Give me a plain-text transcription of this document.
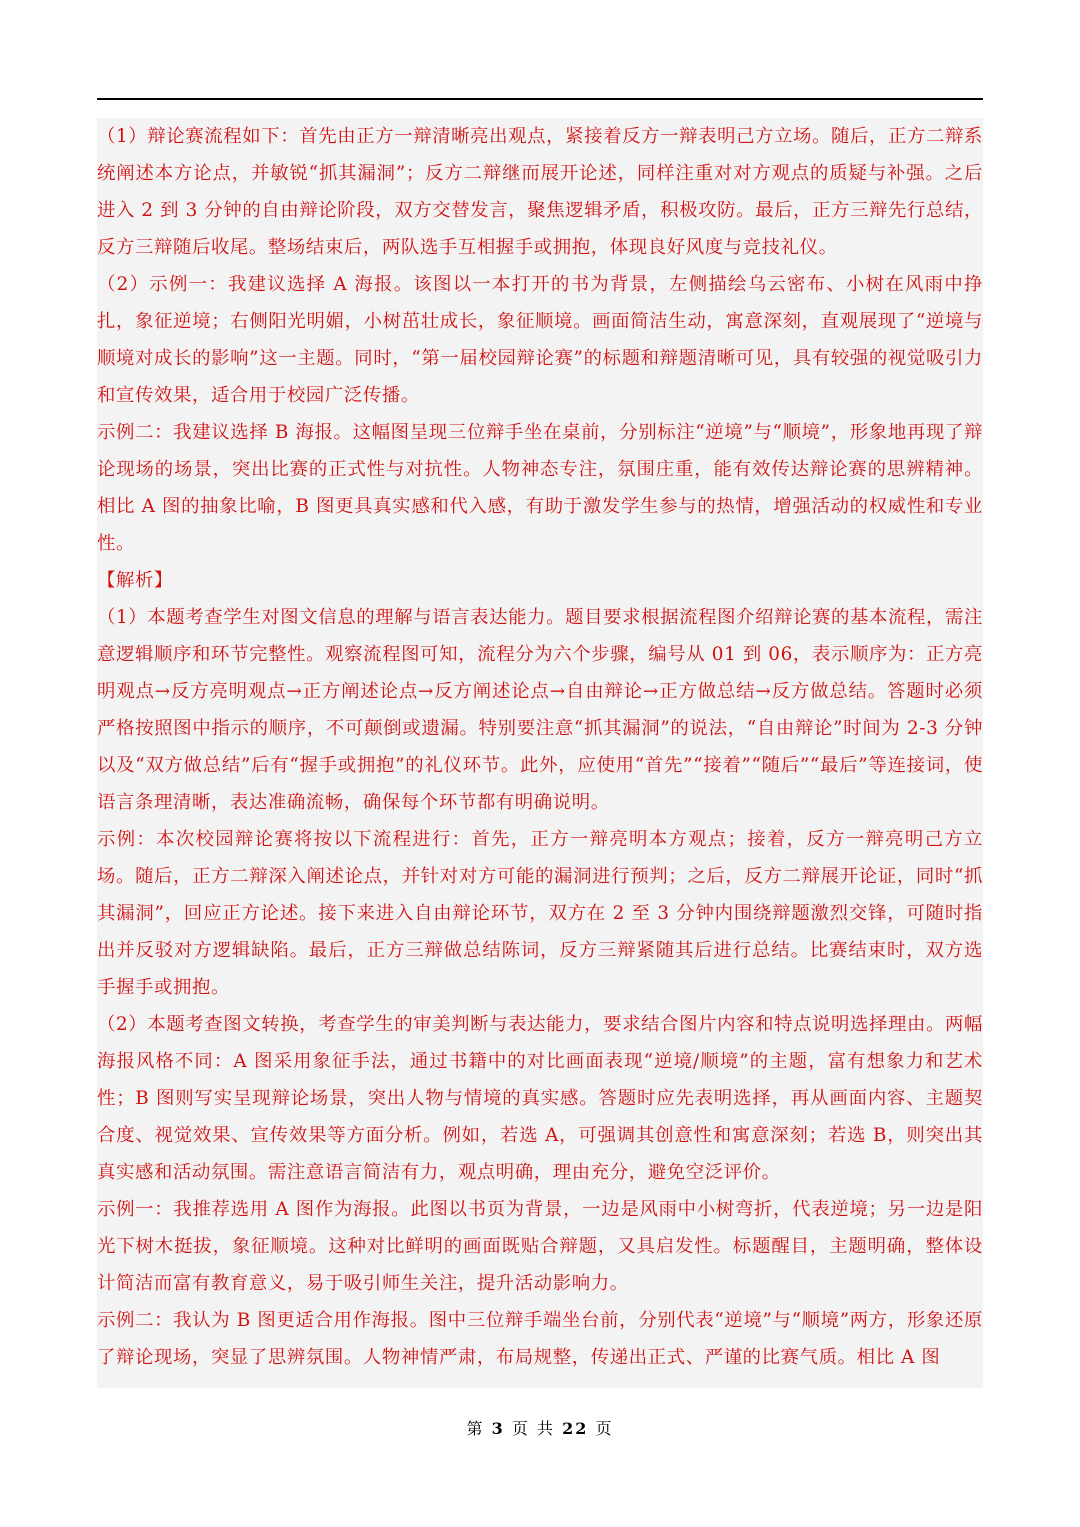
（1）辩论赛流程如下：首先由正方一辩清晰亮出观点，紧接着反方一辩表明己方立场。随后，正方二辩系统阐述本方论点，并敏锐“抓其漏洞”；反方二辩继而展开论述，同样注重对对方观点的质疑与补强。之后进入 2 到 3 分钟的自由辩论阶段，双方交替发言，聚焦逻辑矛盾，积极攻防。最后，正方三辩先行总结，反方三辩随后收尾。整场结束后，两队选手互相握手或拥抱，体现良好风度与竞技礼仪。

（2）示例一：我建议选择 A 海报。该图以一本打开的书为背景，左侧描绘乌云密布、小树在风雨中挣扎，象征逆境；右侧阳光明媚，小树茁壮成长，象征顺境。画面简洁生动，寓意深刻，直观展现了“逆境与顺境对成长的影响”这一主题。同时，“第一届校园辩论赛”的标题和辩题清晰可见，具有较强的视觉吸引力和宣传效果，适合用于校园广泛传播。

示例二：我建议选择 B 海报。这幅图呈现三位辩手坐在桌前，分别标注“逆境”与“顺境”，形象地再现了辩论现场的场景，突出比赛的正式性与对抗性。人物神态专注，氛围庄重，能有效传达辩论赛的思辨精神。相比 A 图的抽象比喻，B 图更具真实感和代入感，有助于激发学生参与的热情，增强活动的权威性和专业性。

【解析】

（1）本题考查学生对图文信息的理解与语言表达能力。题目要求根据流程图介绍辩论赛的基本流程，需注意逻辑顺序和环节完整性。观察流程图可知，流程分为六个步骤，编号从 01 到 06，表示顺序为：正方亮明观点→反方亮明观点→正方阐述论点→反方阐述论点→自由辩论→正方做总结→反方做总结。答题时必须严格按照图中指示的顺序，不可颠倒或遗漏。特别要注意“抓其漏洞”的说法，“自由辩论”时间为 2-3 分钟以及“双方做总结”后有“握手或拥抱”的礼仪环节。此外，应使用“首先”“接着”“随后”“最后”等连接词，使语言条理清晰，表达准确流畅，确保每个环节都有明确说明。

示例：本次校园辩论赛将按以下流程进行：首先，正方一辩亮明本方观点；接着，反方一辩亮明己方立场。随后，正方二辩深入阐述论点，并针对对方可能的漏洞进行预判；之后，反方二辩展开论证，同时“抓其漏洞”，回应正方论述。接下来进入自由辩论环节，双方在 2 至 3 分钟内围绕辩题激烈交锋，可随时指出并反驳对方逻辑缺陷。最后，正方三辩做总结陈词，反方三辩紧随其后进行总结。比赛结束时，双方选手握手或拥抱。

（2）本题考查图文转换，考查学生的审美判断与表达能力，要求结合图片内容和特点说明选择理由。两幅海报风格不同：A 图采用象征手法，通过书籍中的对比画面表现“逆境/顺境”的主题，富有想象力和艺术性；B 图则写实呈现辩论场景，突出人物与情境的真实感。答题时应先表明选择，再从画面内容、主题契合度、视觉效果、宣传效果等方面分析。例如，若选 A，可强调其创意性和寓意深刻；若选 B，则突出其真实感和活动氛围。需注意语言简洁有力，观点明确，理由充分，避免空泛评价。

示例一：我推荐选用 A 图作为海报。此图以书页为背景，一边是风雨中小树弯折，代表逆境；另一边是阳光下树木挺拔，象征顺境。这种对比鲜明的画面既贴合辩题，又具启发性。标题醒目，主题明确，整体设计简洁而富有教育意义，易于吸引师生关注，提升活动影响力。

示例二：我认为 B 图更适合用作海报。图中三位辩手端坐台前，分别代表“逆境”与“顺境”两方，形象还原了辩论现场，突显了思辨氛围。人物神情严肃，布局规整，传递出正式、严谨的比赛气质。相比 A 图

第 3 页 共 22 页
